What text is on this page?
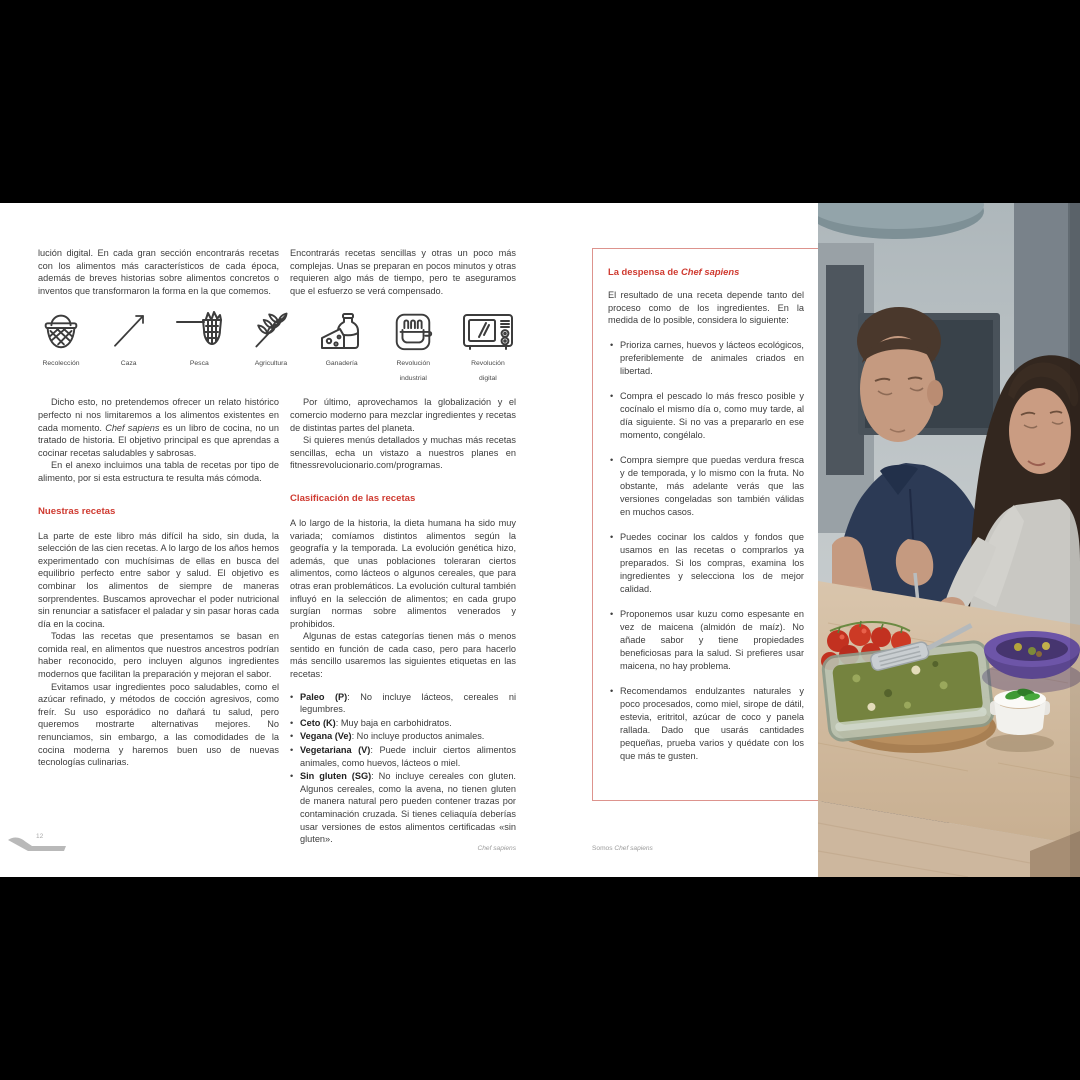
lución digital. En cada gran sección encontrarás recetas con los alimentos más característicos de cada época, además de breves historias sobre alimentos concretos o inventos que transformaron la forma en la que comemos.

Encontrarás recetas sencillas y otras un poco más complejas. Unas se preparan en pocos minutos y otras requieren algo más de tiempo, pero te aseguramos que el esfuerzo se verá compensado.

Recolección	Caza	Pesca	Agricultura	Ganadería	Revolución
industrial
Revolución
digital

Dicho esto, no pretendemos ofrecer un relato histórico perfecto ni nos limitaremos a los alimentos existentes en cada momento. Chef sapiens es un libro de cocina, no un tratado de historia. El objetivo principal es que aprendas a cocinar recetas saludables y sabrosas.

En el anexo incluimos una tabla de recetas por tipo de alimento, por si esta estructura te resulta más cómoda.

Nuestras recetas

La parte de este libro más difícil ha sido, sin duda, la selección de las cien recetas. A lo largo de los años hemos experimentado con muchísimas de ellas en busca del equilibrio perfecto entre sabor y salud. El objetivo es combinar los alimentos de siempre de maneras sorprendentes. Buscamos aprovechar el poder nutricional sin renunciar a satisfacer el paladar y sin pasar horas cada día en la cocina.

Todas las recetas que presentamos se basan en comida real, en alimentos que nuestros ancestros podrían haber reconocido, pero incluyen algunos ingredientes modernos que facilitan la preparación y mejoran el sabor.

Evitamos usar ingredientes poco saludables, como el azúcar refinado, y métodos de cocción agresivos, como freír. Su uso esporádico no dañará tu salud, pero queremos mostrarte alternativas mejores. No renunciamos, sin embargo, a las comodidades de la cocina moderna y haremos buen uso de nuevas tecnologías culinarias.

Por último, aprovechamos la globalización y el comercio moderno para mezclar ingredientes y recetas de distintas partes del planeta.

Si quieres menús detallados y muchas más recetas sencillas, echa un vistazo a nuestros planes en fitnessrevolucionario.com/programas.

Clasificación de las recetas

A lo largo de la historia, la dieta humana ha sido muy variada; comíamos distintos alimentos según la geografía y la temporada. La evolución genética hizo, además, que unas poblaciones toleraran ciertos alimentos, como lácteos o algunos cereales, que para otras eran problemáticos. La evolución cultural también influyó en la selección de alimentos; en cada grupo surgían normas sobre alimentos venerados y prohibidos.

Algunas de estas categorías tienen más o menos sentido en función de cada caso, pero para hacerlo más sencillo usaremos las siguientes etiquetas en las recetas:

• Paleo (P): No incluye lácteos, cereales ni legumbres.
• Ceto (K): Muy baja en carbohidratos.
• Vegana (Ve): No incluye productos animales.
• Vegetariana (V): Puede incluir ciertos alimentos animales, como huevos, lácteos o miel.
• Sin gluten (SG): No incluye cereales con gluten. Algunos cereales, como la avena, no tienen gluten de manera natural pero pueden contener trazas por contaminación cruzada. Si tienes celiaquía deberías usar versiones de estos alimentos certificadas «sin gluten».
La despensa de Chef sapiens

El resultado de una receta depende tanto del proceso como de los ingredientes. En la medida de lo posible, considera lo siguiente:

• Prioriza carnes, huevos y lácteos ecológicos, preferiblemente de animales criados en libertad.
• Compra el pescado lo más fresco posible y cocínalo el mismo día o, como muy tarde, al día siguiente. Si no vas a prepararlo en ese momento, congélalo.
• Compra siempre que puedas verdura fresca y de temporada, y lo mismo con la fruta. No obstante, más adelante verás que las versiones congeladas son también válidas en muchos casos.
• Puedes cocinar los caldos y fondos que usamos en las recetas o comprarlos ya preparados. Si los compras, examina los ingredientes y selecciona los de mejor calidad.
• Proponemos usar kuzu como espesante en vez de maicena (almidón de maíz). No añade sabor y tiene propiedades beneficiosas para la salud. Si prefieres usar maicena, no hay problema.
• Recomendamos endulzantes naturales y poco procesados, como miel, sirope de dátil, estevia, eritritol, azúcar de coco y panela rallada. Dado que usarás cantidades pequeñas, prueba varios y quédate con los que más te gusten.
12
Chef sapiens	Somos Chef sapiens
